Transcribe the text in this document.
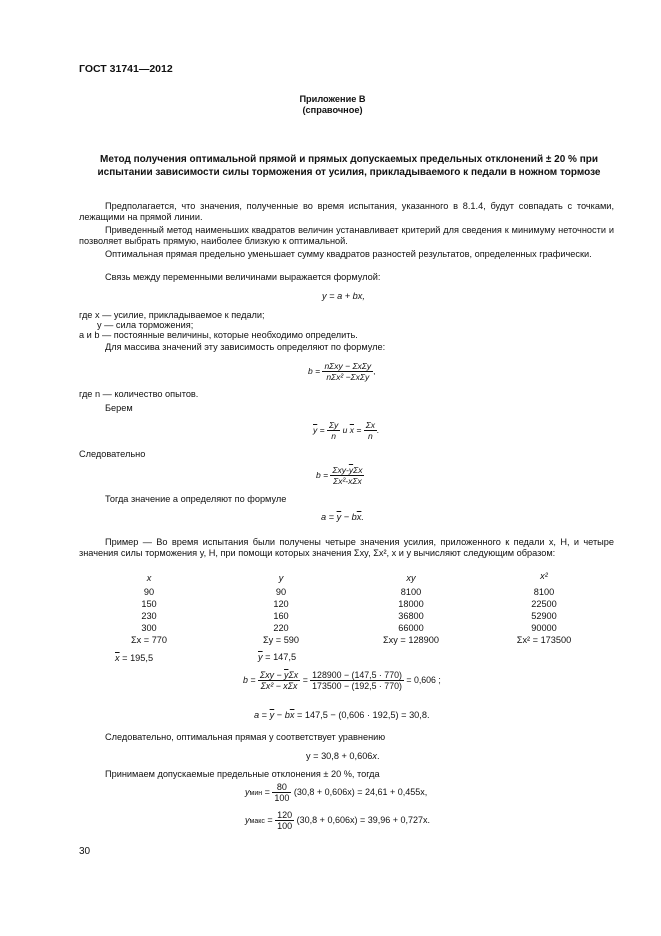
ГОСТ 31741—2012
Приложение В
(справочное)
Метод получения оптимальной прямой и прямых допускаемых предельных отклонений ± 20 % при испытании зависимости силы торможения от усилия, прикладываемого к педали в ножном тормозе
Предполагается, что значения, полученные во время испытания, указанного в 8.1.4, будут совпадать с точками, лежащими на прямой линии.
Приведенный метод наименьших квадратов величин устанавливает критерий для сведения к минимуму неточности и позволяет выбрать прямую, наиболее близкую к оптимальной.
Оптимальная прямая предельно уменьшает сумму квадратов разностей результатов, определенных графически.
Связь между переменными величинами выражается формулой:
y = a + bx,
где x — усилие, прикладываемое к педали;
y — сила торможения;
a и b — постоянные величины, которые необходимо определить.
Для массива значений эту зависимость определяют по формуле:
$b = \frac{\text{nΣxy − ΣxΣy}}{\text{nΣx² −ΣxΣy}}$ ,
где n — количество опытов.
Берем
$\overline{y} = \frac{\Sigma y}{n}$ и $\overline{x} = \frac{\Sigma x}{n}$ .
Следовательно
$b = \frac{\Sigma xy-\overline{y}\Sigma x}{\Sigma x^2-\overline{x}\Sigma x}$
Тогда значение a определяют по формуле
$a = \overline{y} - b\overline{x}$.
Пример — Во время испытания были получены четыре значения усилия, приложенного к педали x, Н, и четыре значения силы торможения y, Н, при помощи которых значения Σxy, Σx², x и y вычисляют следующим образом:
x	y	xy	x²
90	90	8100	8100
150	120	18000	22500
230	160	36800	52900
300	220	66000	90000
Σx = 770	Σy = 590	Σxy = 128900	Σx² = 173500
$\overline{x} = 195,5$	$\overline{y} = 147,5$
$b = \frac{\Sigma xy - \overline{y}\Sigma x}{\Sigma x^2 - \overline{x}\Sigma x} = \frac{128900 - (147,5 \cdot 770)}{173500 - (192,5 \cdot 770)} = 0,606$ ;
$a = \overline{y} - b\overline{x} = 147,5 - (0,606 \cdot 192,5) = 30,8$.
Следовательно, оптимальная прямая y соответствует уравнению
y = 30,8 + 0,606x.
Принимаем допускаемые предельные отклонения ± 20 %, тогда
yмин = $\frac{80}{100} (30,8 + 0,606x) = 24,61 + 0,455x$,
yмакс = $\frac{120}{100} (30,8 + 0,606x) = 39,96 + 0,727x$.
30
